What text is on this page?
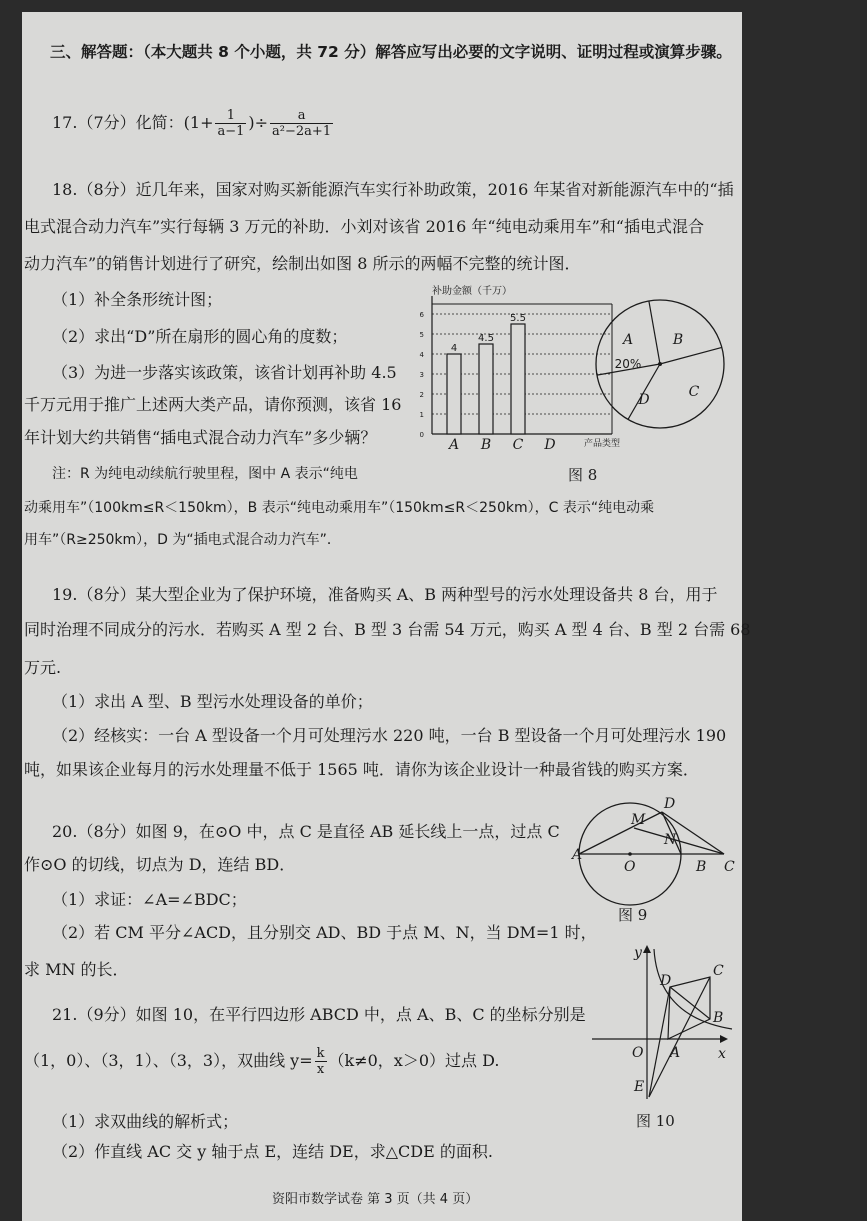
三、解答题：（本大题共 8 个小题，共 72 分）解答应写出必要的文字说明、证明过程或演算步骤。
17.（7分）化简：($1+ \frac{1}{a-1}$ )÷ $\frac{a}{\text{a²−2a+1}}$
18.（8分）近几年来，国家对购买新能源汽车实行补助政策，2016 年某省对新能源汽车中的“插
电式混合动力汽车”实行每辆 3 万元的补助．小刘对该省 2016 年“纯电动乘用车”和“插电式混合
动力汽车”的销售计划进行了研究，绘制出如图 8 所示的两幅不完整的统计图．
（1）补全条形统计图；
（2）求出“D”所在扇形的圆心角的度数；
（3）为进一步落实该政策，该省计划再补助 4.5
千万元用于推广上述两大类产品，请你预测，该省 16
年计划大约共销售“插电式混合动力汽车”多少辆？
注：R 为纯电动续航行驶里程，图中 A 表示“纯电
动乘用车”（100km≤R＜150km），B 表示“纯电动乘用车”（150km≤R＜250km），C 表示“纯电动乘
用车”（R≥250km），D 为“插电式混合动力汽车”．
补助金额（千万）
0
1
2
3
4
5
6
4
A
4.5
B
5.5
C D	产品类型
A
20%
B
C
D
图 8
19.（8分）某大型企业为了保护环境，准备购买 A、B 两种型号的污水处理设备共 8 台，用于
同时治理不同成分的污水．若购买 A 型 2 台、B 型 3 台需 54 万元，购买 A 型 4 台、B 型 2 台需 68
万元.
（1）求出 A 型、B 型污水处理设备的单价；
（2）经核实：一台 A 型设备一个月可处理污水 220 吨，一台 B 型设备一个月可处理污水 190
吨，如果该企业每月的污水处理量不低于 1565 吨．请你为该企业设计一种最省钱的购买方案．
20.（8分）如图 9，在⊙O 中，点 C 是直径 AB 延长线上一点，过点 C
作⊙O 的切线，切点为 D，连结 BD．
（1）求证：∠A=∠BDC；
（2）若 CM 平分∠ACD，且分别交 AD、BD 于点 M、N，当 DM=1 时，
求 MN 的长．
M
D
N
A
O	B C
图 9
21.（9分）如图 10，在平行四边形 ABCD 中，点 A、B、C 的坐标分别是
（1，0）、（3，1）、（3，3），双曲线 $y= \frac{k}{x} (k\ne 0$，x＞0）过点 D.
（1）求双曲线的解析式；
（2）作直线 AC 交 y 轴于点 E，连结 DE，求△CDE 的面积.
y
x
O A
B
C
D
E
图 10
资阳市数学试卷 第 3 页（共 4 页）
